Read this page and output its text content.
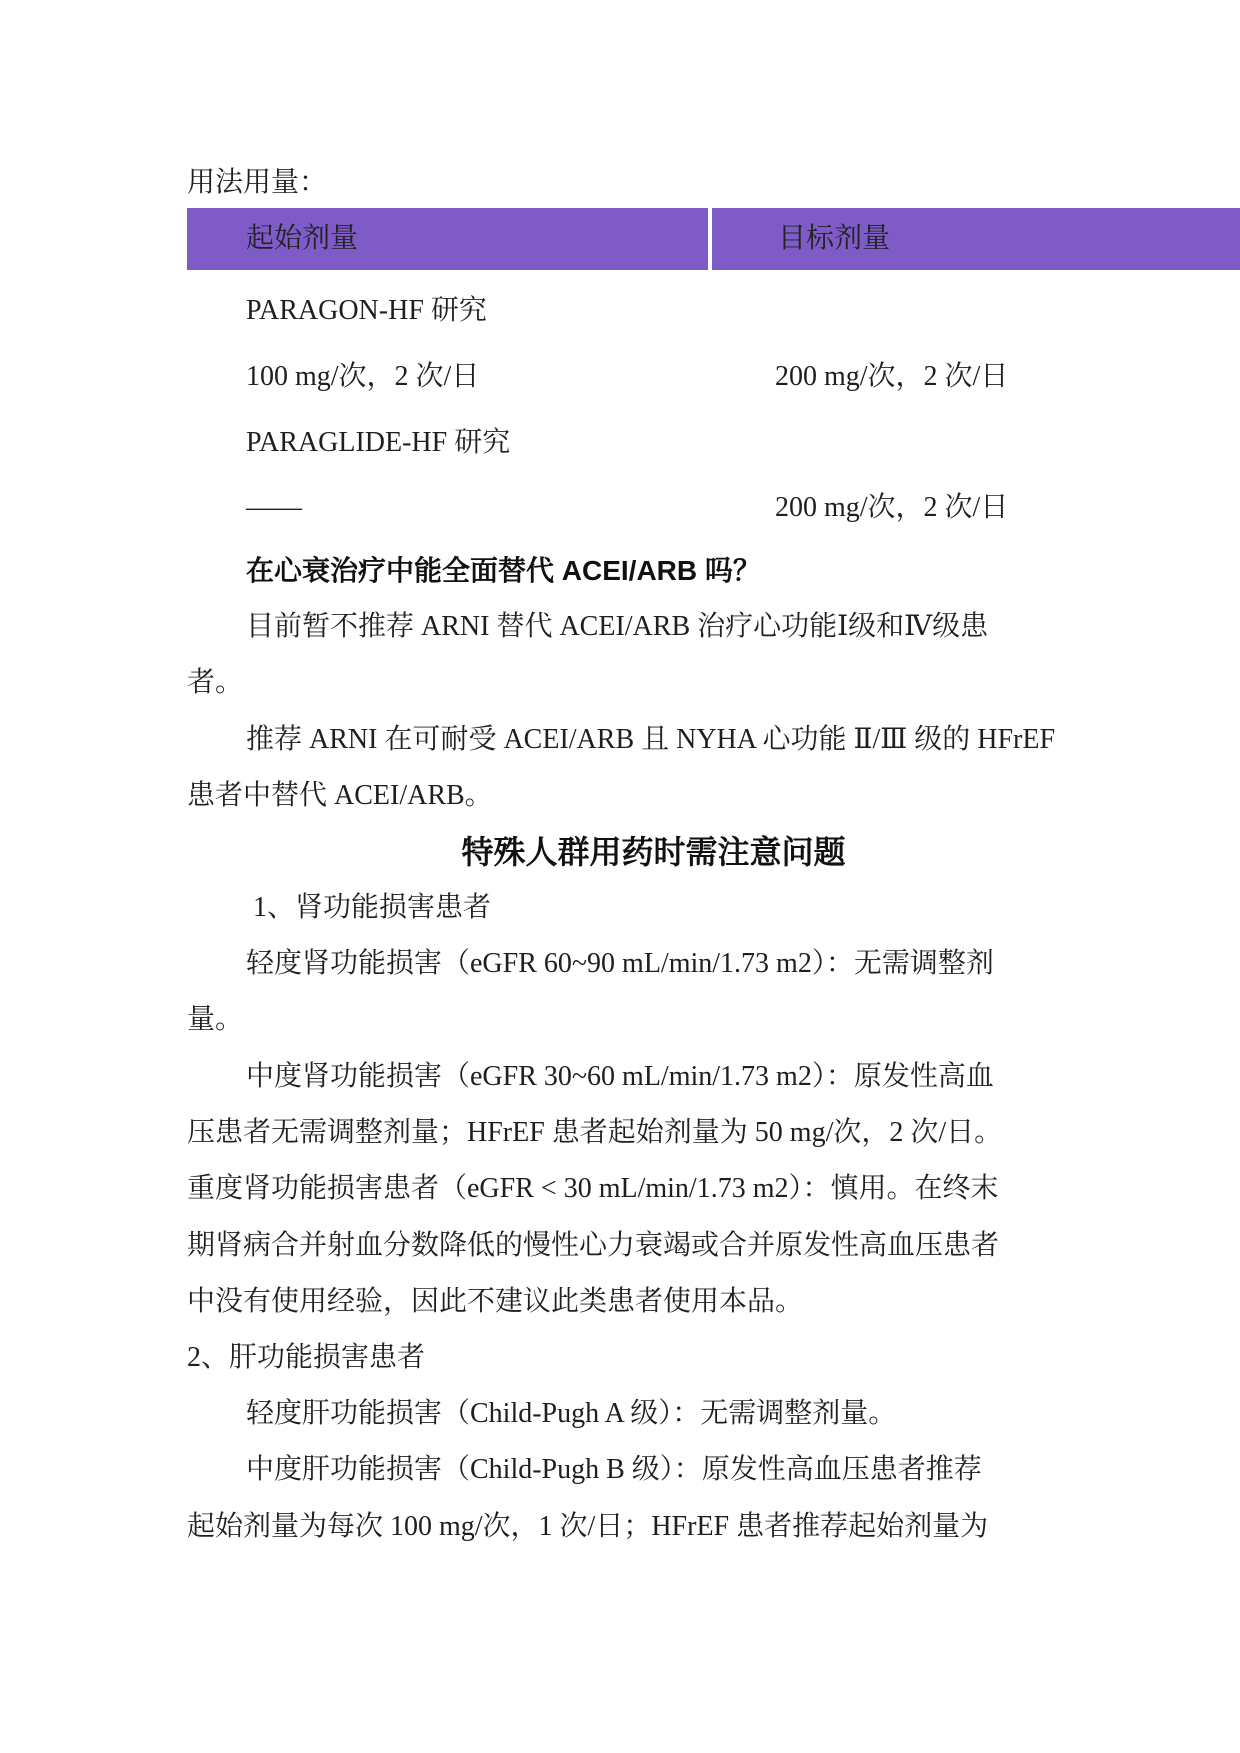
用法用量：
起始剂量	目标剂量
PARAGON-HF 研究
100 mg/次，2 次/日	200 mg/次，2 次/日
PARAGLIDE-HF 研究
——	200 mg/次，2 次/日
在心衰治疗中能全面替代 ACEI/ARB 吗？
目前暂不推荐 ARNI 替代 ACEI/ARB 治疗心功能Ⅰ级和Ⅳ级患
者。
推荐 ARNI 在可耐受 ACEI/ARB 且 NYHA 心功能 Ⅱ/Ⅲ 级的 HFrEF
患者中替代 ACEI/ARB。
特殊人群用药时需注意问题
1、肾功能损害患者
轻度肾功能损害（eGFR 60~90 mL/min/1.73 m2）：无需调整剂
量。
中度肾功能损害（eGFR 30~60 mL/min/1.73 m2）：原发性高血
压患者无需调整剂量；HFrEF 患者起始剂量为 50 mg/次，2 次/日。
重度肾功能损害患者（eGFR < 30 mL/min/1.73 m2）：慎用。在终末
期肾病合并射血分数降低的慢性心力衰竭或合并原发性高血压患者
中没有使用经验，因此不建议此类患者使用本品。
2、肝功能损害患者
轻度肝功能损害（Child-Pugh A 级）：无需调整剂量。
中度肝功能损害（Child-Pugh B 级）：原发性高血压患者推荐
起始剂量为每次 100 mg/次，1 次/日；HFrEF 患者推荐起始剂量为
